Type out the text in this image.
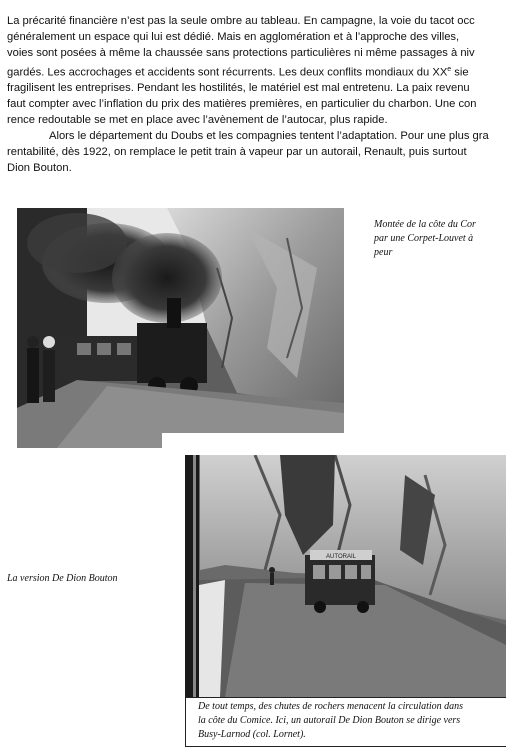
La précarité financière n’est pas la seule ombre au tableau. En campagne, la voie du tacot occ
généralement un espace qui lui est dédié. Mais en agglomération et à l’approche des villes,
voies sont posées à même la chaussée sans protections particulières ni même passages à niv
gardés. Les accrochages et accidents sont récurrents. Les deux conflits mondiaux du XXe sie
fragilisent les entreprises. Pendant les hostilités, le matériel est mal entretenu. La paix revenu
faut compter avec l’inflation du prix des matières premières, en particulier du charbon. Une con
rence redoutable se met en place avec l’avènement de l’autocar, plus rapide.
Alors le département du Doubs et les compagnies tentent l’adaptation. Pour une plus gra
rentabilité, dès 1922, on remplace le petit train à vapeur par un autorail, Renault, puis surtout
Dion Bouton.
Montée de la côte du Cor
par une Corpet-Louvet à
peur
AUTORAIL
La version De Dion Bouton
De tout temps, des chutes de rochers menacent la circulation dans
la côte du Comice. Ici, un autorail De Dion Bouton se dirige vers
Busy-Larnod (col. Lornet).
